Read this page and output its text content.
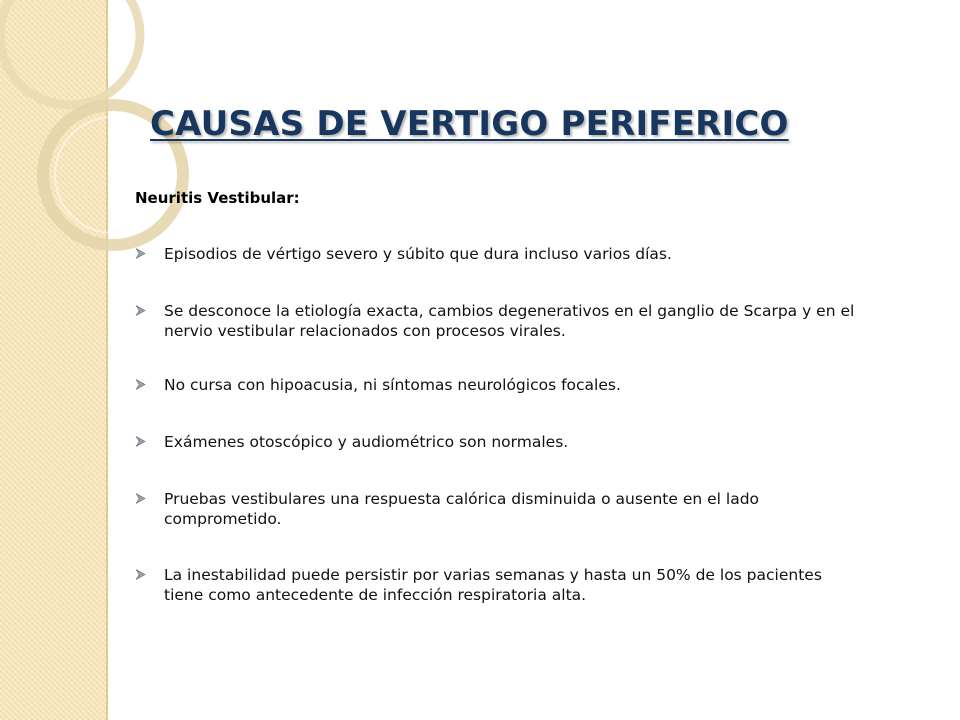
CAUSAS DE VERTIGO PERIFERICO
Neuritis Vestibular:
Episodios de vértigo severo y súbito que dura incluso varios días.
Se desconoce la etiología exacta, cambios degenerativos en el ganglio de Scarpa y en el nervio vestibular relacionados con procesos virales.
No cursa con hipoacusia, ni síntomas neurológicos focales.
Exámenes otoscópico y audiométrico son normales.
Pruebas vestibulares una respuesta calórica disminuida o ausente en el lado comprometido.
La inestabilidad puede persistir por varias semanas y hasta un 50% de los pacientes tiene como antecedente de infección respiratoria alta.
